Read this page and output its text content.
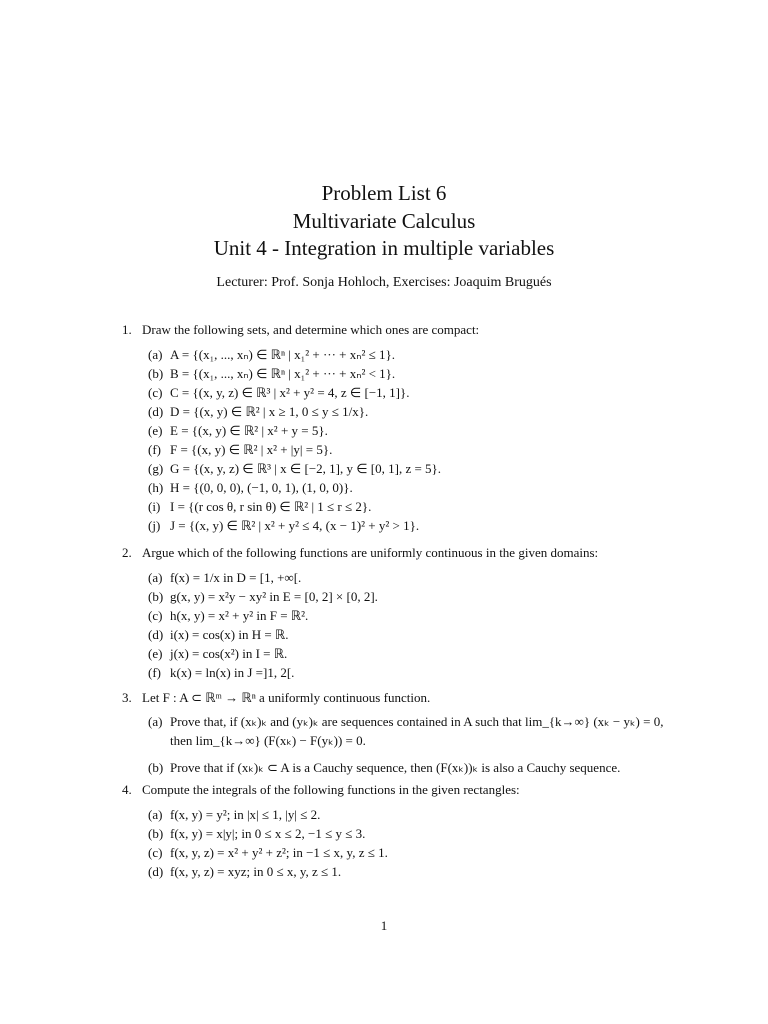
Problem List 6
Multivariate Calculus
Unit 4 - Integration in multiple variables
Lecturer: Prof. Sonja Hohloch, Exercises: Joaquim Brugués
1. Draw the following sets, and determine which ones are compact:
(a) A = {(x₁, ..., xₙ) ∈ ℝⁿ | x₁² + ··· + xₙ² ≤ 1}.
(b) B = {(x₁, ..., xₙ) ∈ ℝⁿ | x₁² + ··· + xₙ² < 1}.
(c) C = {(x, y, z) ∈ ℝ³ | x² + y² = 4, z ∈ [−1, 1]}.
(d) D = {(x, y) ∈ ℝ² | x ≥ 1, 0 ≤ y ≤ 1/x}.
(e) E = {(x, y) ∈ ℝ² | x² + y = 5}.
(f) F = {(x, y) ∈ ℝ² | x² + |y| = 5}.
(g) G = {(x, y, z) ∈ ℝ³ | x ∈ [−2, 1], y ∈ [0, 1], z = 5}.
(h) H = {(0, 0, 0), (−1, 0, 1), (1, 0, 0)}.
(i) I = {(r cos θ, r sin θ) ∈ ℝ² | 1 ≤ r ≤ 2}.
(j) J = {(x, y) ∈ ℝ² | x² + y² ≤ 4, (x − 1)² + y² > 1}.
2. Argue which of the following functions are uniformly continuous in the given domains:
(a) f(x) = 1/x in D = [1, +∞[.
(b) g(x, y) = x²y − xy² in E = [0, 2] × [0, 2].
(c) h(x, y) = x² + y² in F = ℝ².
(d) i(x) = cos(x) in H = ℝ.
(e) j(x) = cos(x²) in I = ℝ.
(f) k(x) = ln(x) in J =]1, 2[.
3. Let F : A ⊂ ℝᵐ → ℝⁿ a uniformly continuous function.
(a) Prove that, if (xₖ)ₖ and (yₖ)ₖ are sequences contained in A such that lim_{k→∞} (xₖ − yₖ) = 0,
then lim_{k→∞} (F(xₖ) − F(yₖ)) = 0.
(b) Prove that if (xₖ)ₖ ⊂ A is a Cauchy sequence, then (F(xₖ))ₖ is also a Cauchy sequence.
4. Compute the integrals of the following functions in the given rectangles:
(a) f(x, y) = y²; in |x| ≤ 1, |y| ≤ 2.
(b) f(x, y) = x|y|; in 0 ≤ x ≤ 2, −1 ≤ y ≤ 3.
(c) f(x, y, z) = x² + y² + z²; in −1 ≤ x, y, z ≤ 1.
(d) f(x, y, z) = xyz; in 0 ≤ x, y, z ≤ 1.
1
